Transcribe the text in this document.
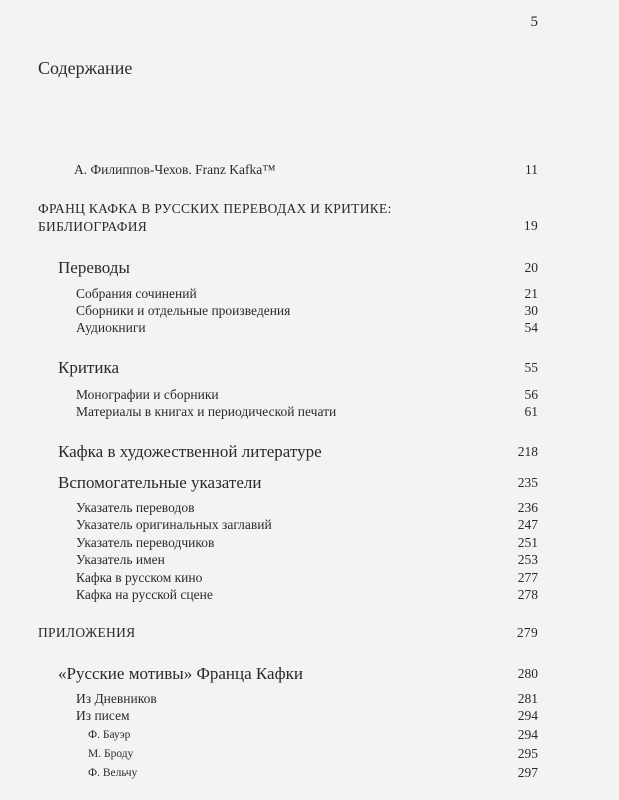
5
Содержание
А. Филиппов-Чехов. Franz Kafka™	11
ФРАНЦ КАФКА В РУССКИХ ПЕРЕВОДАХ И КРИТИКЕ:
БИБЛИОГРАФИЯ	19
Переводы	20
Собрания сочинений	21
Сборники и отдельные произведения	30
Аудиокниги	54
Критика	55
Монографии и сборники	56
Материалы в книгах и периодической печати	61
Кафка в художественной литературе	218
Вспомогательные указатели	235
Указатель переводов	236
Указатель оригинальных заглавий	247
Указатель переводчиков	251
Указатель имен	253
Кафка в русском кино	277
Кафка на русской сцене	278
ПРИЛОЖЕНИЯ	279
«Русские мотивы» Франца Кафки	280
Из Дневников	281
Из писем	294
Ф. Бауэр	294
М. Броду	295
Ф. Вельчу	297
